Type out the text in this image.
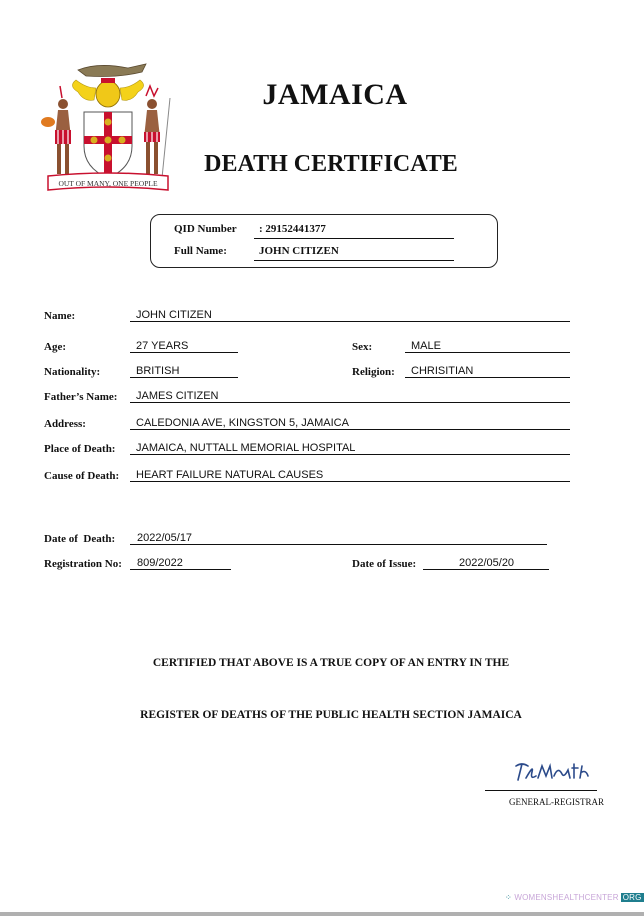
OUT OF MANY, ONE PEOPLE
JAMAICA
DEATH CERTIFICATE
QID Number : 29152441377
Full Name:	JOHN CITIZEN
Name:	JOHN CITIZEN
Age:	27 YEARS	Sex:	MALE
Nationality:	BRITISH	Religion: CHRISITIAN
Father’s Name: JAMES CITIZEN
Address:	CALEDONIA AVE, KINGSTON 5, JAMAICA
Place of Death: JAMAICA, NUTTALL MEMORIAL HOSPITAL
Cause of Death: HEART FAILURE NATURAL CAUSES
Date of  Death: 2022/05/17
Registration No: 809/2022	Date of Issue:	2022/05/20
CERTIFIED THAT ABOVE IS A TRUE COPY OF AN ENTRY IN THE
REGISTER OF DEATHS OF THE PUBLIC HEALTH SECTION JAMAICA
GENERAL-REGISTRAR
⁘ WOMENSHEALTHCENTER ORG
